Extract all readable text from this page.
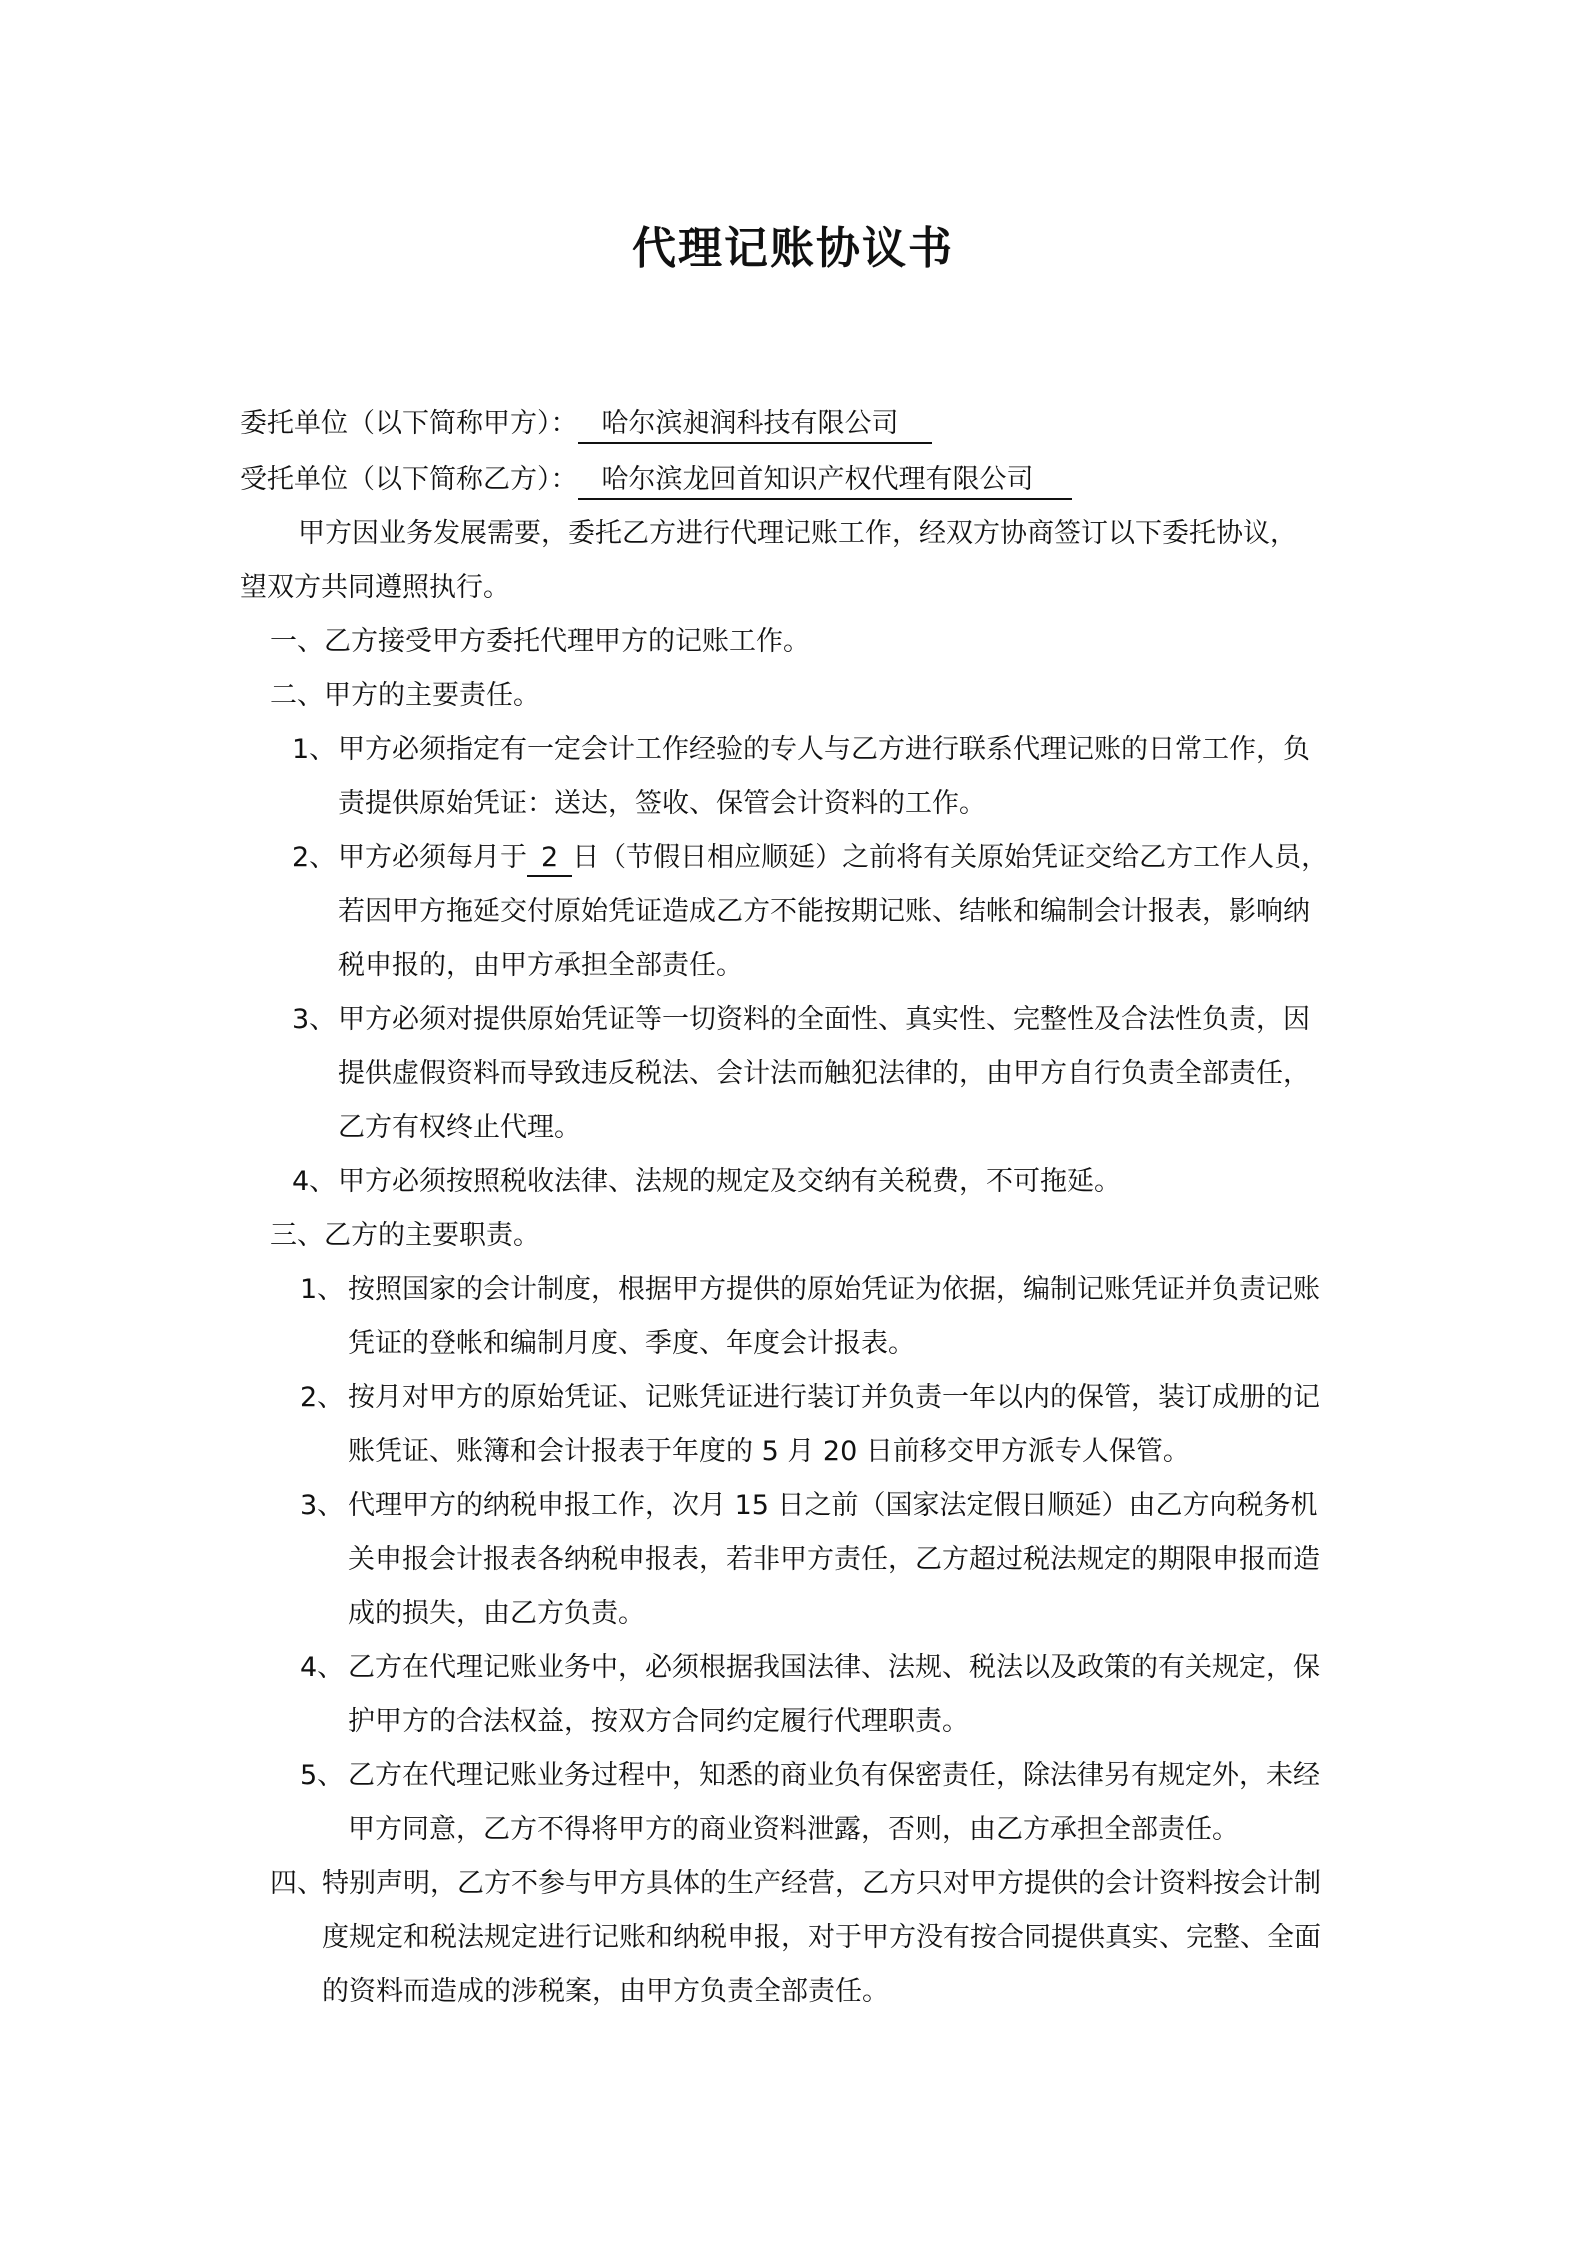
代理记账协议书
委托单位（以下简称甲方）： 哈尔滨昶润科技有限公司
受托单位（以下简称乙方）： 哈尔滨龙回首知识产权代理有限公司
甲方因业务发展需要，委托乙方进行代理记账工作，经双方协商签订以下委托协议，
望双方共同遵照执行。
一、乙方接受甲方委托代理甲方的记账工作。
二、甲方的主要责任。
1、甲方必须指定有一定会计工作经验的专人与乙方进行联系代理记账的日常工作，负
责提供原始凭证：送达，签收、保管会计资料的工作。
2、甲方必须每月于 2 日（节假日相应顺延）之前将有关原始凭证交给乙方工作人员，
若因甲方拖延交付原始凭证造成乙方不能按期记账、结帐和编制会计报表，影响纳
税申报的，由甲方承担全部责任。
3、甲方必须对提供原始凭证等一切资料的全面性、真实性、完整性及合法性负责，因
提供虚假资料而导致违反税法、会计法而触犯法律的，由甲方自行负责全部责任，
乙方有权终止代理。
4、甲方必须按照税收法律、法规的规定及交纳有关税费，不可拖延。
三、乙方的主要职责。
1、 按照国家的会计制度，根据甲方提供的原始凭证为依据，编制记账凭证并负责记账
凭证的登帐和编制月度、季度、年度会计报表。
2、 按月对甲方的原始凭证、记账凭证进行装订并负责一年以内的保管，装订成册的记
账凭证、账簿和会计报表于年度的 5 月 20 日前移交甲方派专人保管。
3、 代理甲方的纳税申报工作，次月 15 日之前（国家法定假日顺延）由乙方向税务机
关申报会计报表各纳税申报表，若非甲方责任，乙方超过税法规定的期限申报而造
成的损失，由乙方负责。
4、 乙方在代理记账业务中，必须根据我国法律、法规、税法以及政策的有关规定，保
护甲方的合法权益，按双方合同约定履行代理职责。
5、 乙方在代理记账业务过程中，知悉的商业负有保密责任，除法律另有规定外，未经
甲方同意，乙方不得将甲方的商业资料泄露，否则，由乙方承担全部责任。
四、特别声明，乙方不参与甲方具体的生产经营，乙方只对甲方提供的会计资料按会计制
度规定和税法规定进行记账和纳税申报，对于甲方没有按合同提供真实、完整、全面
的资料而造成的涉税案，由甲方负责全部责任。
